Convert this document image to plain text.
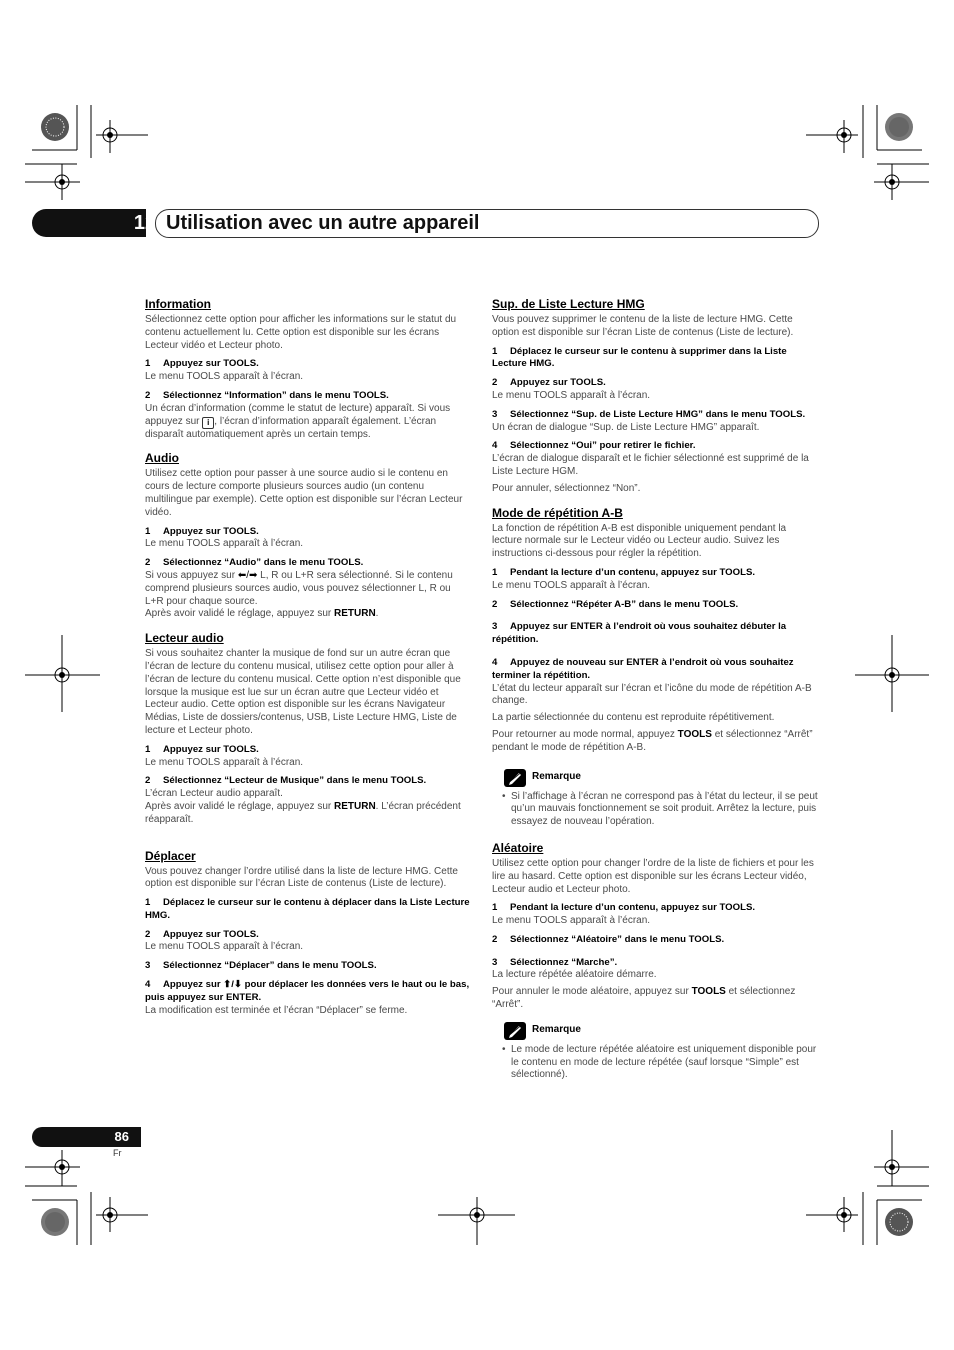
12 Utilisation avec un autre appareil
Information

Sélectionnez cette option pour afficher les informations sur le statut du contenu actuellement lu. Cette option est disponible sur les écrans Lecteur vidéo et Lecteur photo.

1 Appuyez sur TOOLS.

Le menu TOOLS apparaît à l’écran.

2 Sélectionnez “Information” dans le menu TOOLS.

Un écran d’information (comme le statut de lecture) apparaît. Si vous appuyez sur i , l’écran d’information apparaît également. L’écran disparaît automatiquement après un certain temps.

Audio

Utilisez cette option pour passer à une source audio si le contenu en cours de lecture comporte plusieurs sources audio (un contenu multilingue par exemple). Cette option est disponible sur l’écran Lecteur vidéo.

1 Appuyez sur TOOLS.

Le menu TOOLS apparaît à l’écran.

2 Sélectionnez “Audio” dans le menu TOOLS.

Si vous appuyez sur ⬅/➡ L, R ou L+R sera sélectionné. Si le contenu comprend plusieurs sources audio, vous pouvez sélectionner L, R ou L+R pour chaque source.

Après avoir validé le réglage, appuyez sur RETURN.

Lecteur audio

Si vous souhaitez chanter la musique de fond sur un autre écran que l’écran de lecture du contenu musical, utilisez cette option pour aller à l’écran de lecture du contenu musical. Cette option n’est disponible que lorsque la musique est lue sur un écran autre que Lecteur vidéo et Lecteur audio. Cette option est disponible sur les écrans Navigateur Médias, Liste de dossiers/contenus, USB, Liste Lecture HMG, Liste de lecture et Lecteur photo.

1 Appuyez sur TOOLS.

Le menu TOOLS apparaît à l’écran.

2 Sélectionnez “Lecteur de Musique” dans le menu TOOLS.

L’écran Lecteur audio apparaît.

Après avoir validé le réglage, appuyez sur RETURN. L’écran précédent réapparaît.

Déplacer

Vous pouvez changer l’ordre utilisé dans la liste de lecture HMG. Cette option est disponible sur l’écran Liste de contenus (Liste de lecture).

1 Déplacez le curseur sur le contenu à déplacer dans la Liste Lecture HMG.
2 Appuyez sur TOOLS.

Le menu TOOLS apparaît à l’écran.

3 Sélectionnez “Déplacer” dans le menu TOOLS.
4 Appuyez sur ⬆/⬇ pour déplacer les données vers le haut ou le bas, puis appuyez sur ENTER.

La modification est terminée et l’écran “Déplacer” se ferme.

Sup. de Liste Lecture HMG

Vous pouvez supprimer le contenu de la liste de lecture HMG. Cette option est disponible sur l’écran Liste de contenus (Liste de lecture).

1 Déplacez le curseur sur le contenu à supprimer dans la Liste Lecture HMG.
2 Appuyez sur TOOLS.

Le menu TOOLS apparaît à l’écran.

3 Sélectionnez “Sup. de Liste Lecture HMG” dans le menu TOOLS.

Un écran de dialogue “Sup. de Liste Lecture HMG” apparaît.

4 Sélectionnez “Oui” pour retirer le fichier.

L’écran de dialogue disparaît et le fichier sélectionné est supprimé de la Liste Lecture HGM.

Pour annuler, sélectionnez “Non”.

Mode de répétition A-B

La fonction de répétition A-B est disponible uniquement pendant la lecture normale sur le Lecteur vidéo ou Lecteur audio. Suivez les instructions ci-dessous pour régler la répétition.

1 Pendant la lecture d’un contenu, appuyez sur TOOLS.

Le menu TOOLS apparaît à l’écran.

2 Sélectionnez “Répéter A-B” dans le menu TOOLS.
3 Appuyez sur ENTER à l’endroit où vous souhaitez débuter la répétition.
4 Appuyez de nouveau sur ENTER à l’endroit où vous souhaitez terminer la répétition.

L’état du lecteur apparaît sur l’écran et l’icône du mode de répétition A-B change.

La partie sélectionnée du contenu est reproduite répétitivement.

Pour retourner au mode normal, appuyez TOOLS et sélectionnez “Arrêt” pendant le mode de répétition A-B.

Remarque
• Si l’affichage à l’écran ne correspond pas à l’état du lecteur, il se peut qu’un mauvais fonctionnement se soit produit. Arrêtez la lecture, puis essayez de nouveau l’opération.
Aléatoire

Utilisez cette option pour changer l’ordre de la liste de fichiers et pour les lire au hasard. Cette option est disponible sur les écrans Lecteur vidéo, Lecteur audio et Lecteur photo.

1 Pendant la lecture d’un contenu, appuyez sur TOOLS.

Le menu TOOLS apparaît à l’écran.

2 Sélectionnez “Aléatoire” dans le menu TOOLS.
3 Sélectionnez “Marche”.

La lecture répétée aléatoire démarre.

Pour annuler le mode aléatoire, appuyez sur TOOLS et sélectionnez “Arrêt”.

Remarque
• Le mode de lecture répétée aléatoire est uniquement disponible pour le contenu en mode de lecture répétée (sauf lorsque “Simple” est sélectionné).
86
Fr
